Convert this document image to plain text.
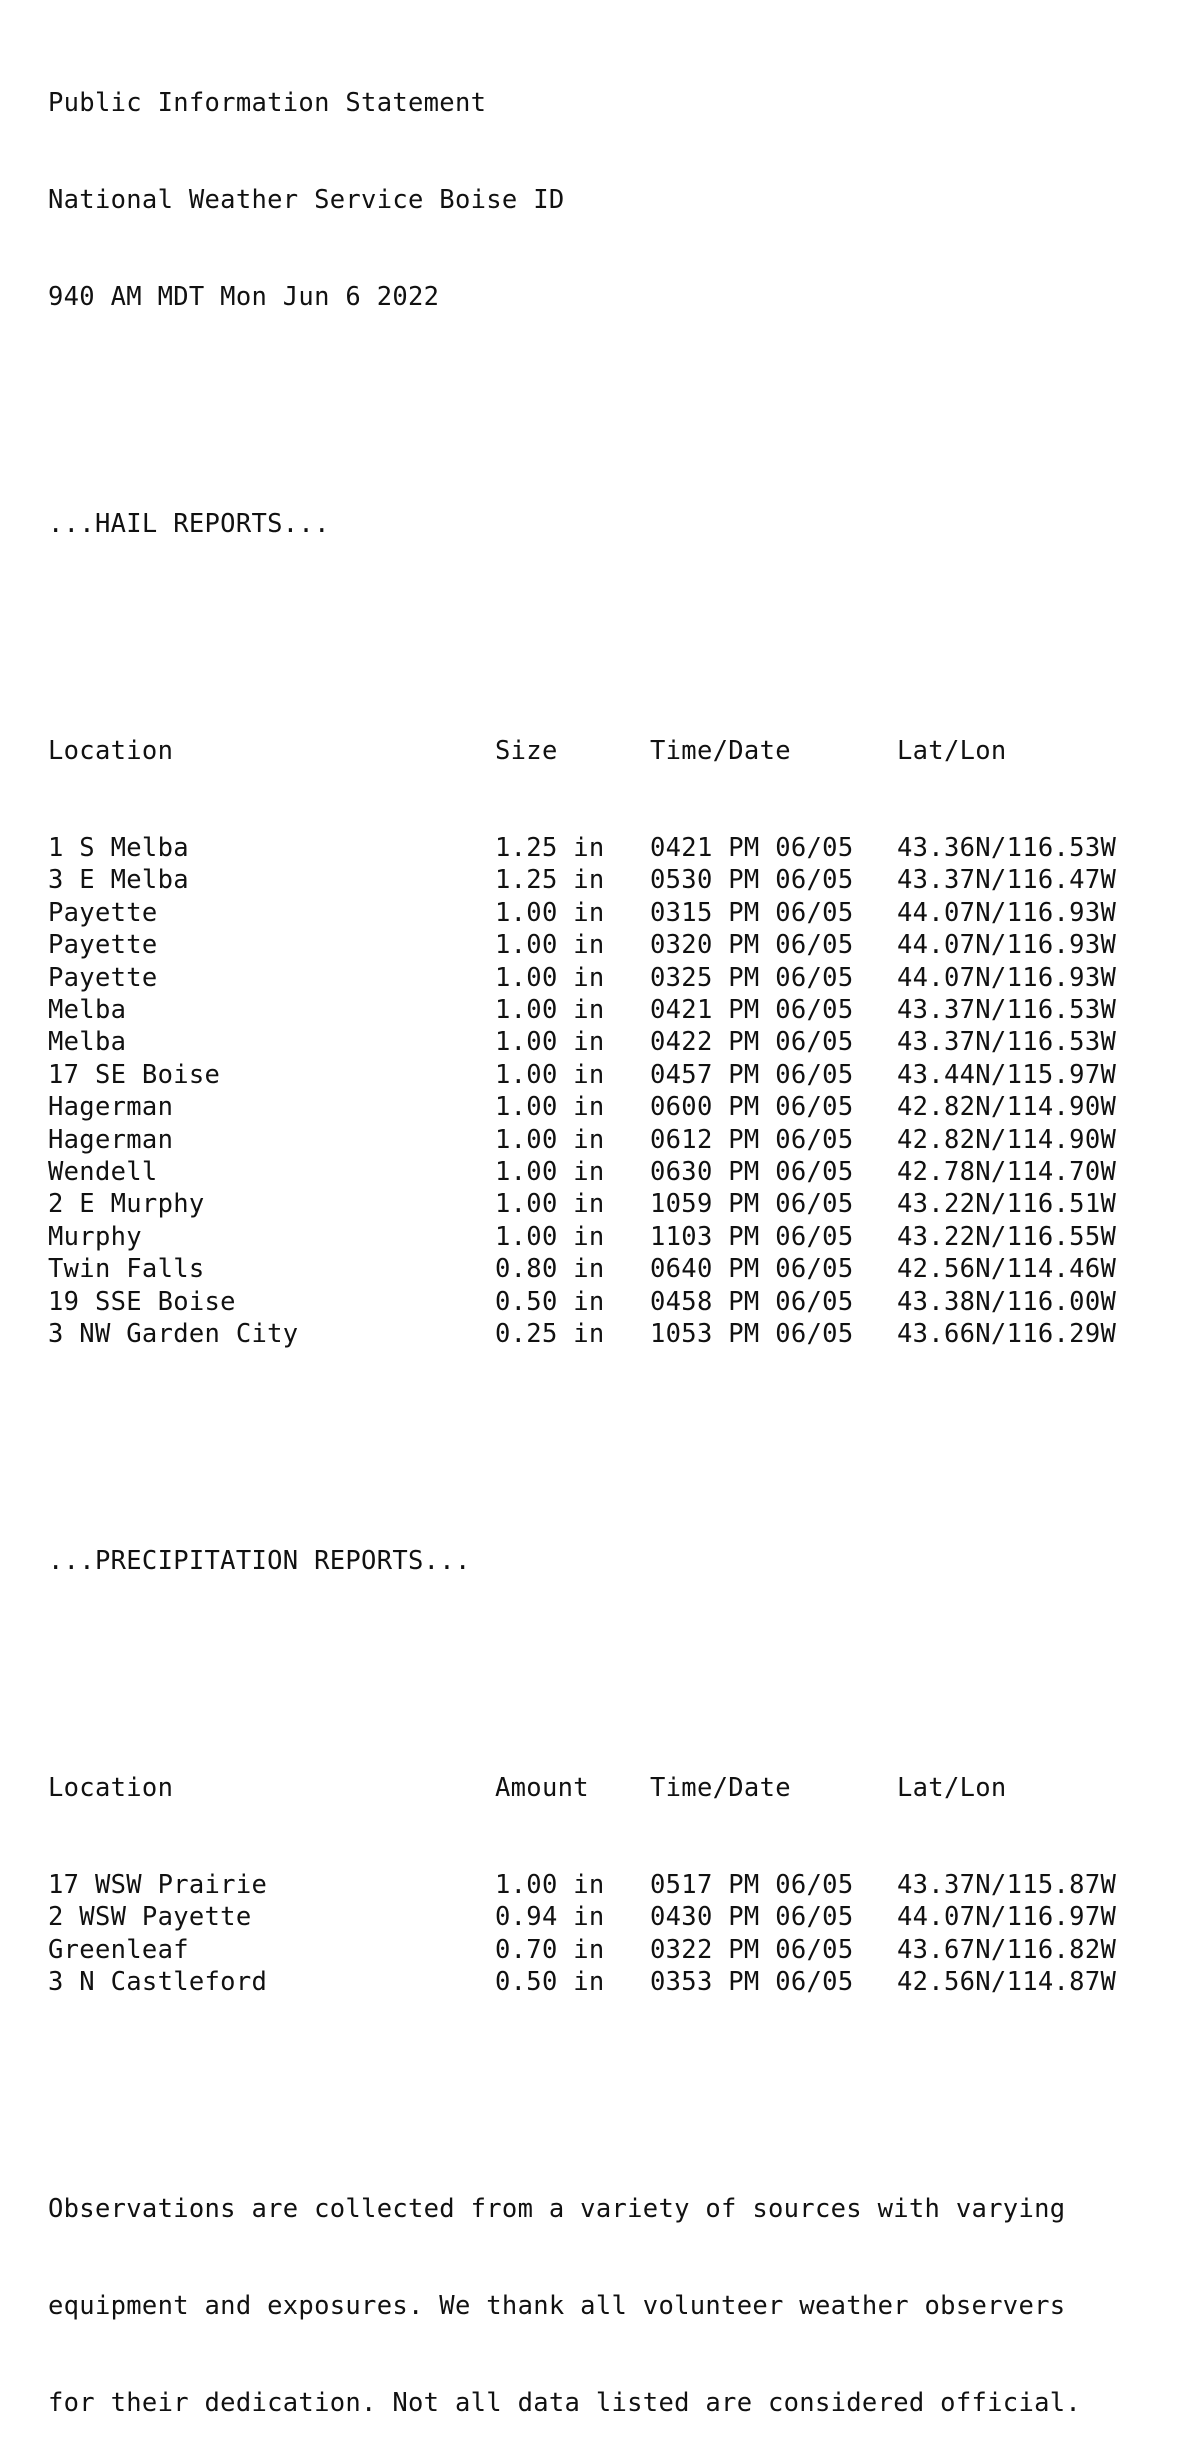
Public Information Statement

National Weather Service Boise ID

940 AM MDT Mon Jun 6 2022

...HAIL REPORTS...

Location	Size	Time/Date	Lat/Lon

1 S Melba	1.25 in	0421 PM 06/05	43.36N/116.53W
3 E Melba	1.25 in	0530 PM 06/05	43.37N/116.47W
Payette	1.00 in	0315 PM 06/05	44.07N/116.93W
Payette	1.00 in	0320 PM 06/05	44.07N/116.93W
Payette	1.00 in	0325 PM 06/05	44.07N/116.93W
Melba	1.00 in	0421 PM 06/05	43.37N/116.53W
Melba	1.00 in	0422 PM 06/05	43.37N/116.53W
17 SE Boise	1.00 in	0457 PM 06/05	43.44N/115.97W
Hagerman	1.00 in	0600 PM 06/05	42.82N/114.90W
Hagerman	1.00 in	0612 PM 06/05	42.82N/114.90W
Wendell	1.00 in	0630 PM 06/05	42.78N/114.70W
2 E Murphy	1.00 in	1059 PM 06/05	43.22N/116.51W
Murphy	1.00 in	1103 PM 06/05	43.22N/116.55W
Twin Falls	0.80 in	0640 PM 06/05	42.56N/114.46W
19 SSE Boise	0.50 in	0458 PM 06/05	43.38N/116.00W
3 NW Garden City	0.25 in	1053 PM 06/05	43.66N/116.29W

...PRECIPITATION REPORTS...

Location	Amount	Time/Date	Lat/Lon

17 WSW Prairie	1.00 in	0517 PM 06/05	43.37N/115.87W
2 WSW Payette	0.94 in	0430 PM 06/05	44.07N/116.97W
Greenleaf	0.70 in	0322 PM 06/05	43.67N/116.82W
3 N Castleford	0.50 in	0353 PM 06/05	42.56N/114.87W

Observations are collected from a variety of sources with varying

equipment and exposures. We thank all volunteer weather observers

for their dedication. Not all data listed are considered official.
